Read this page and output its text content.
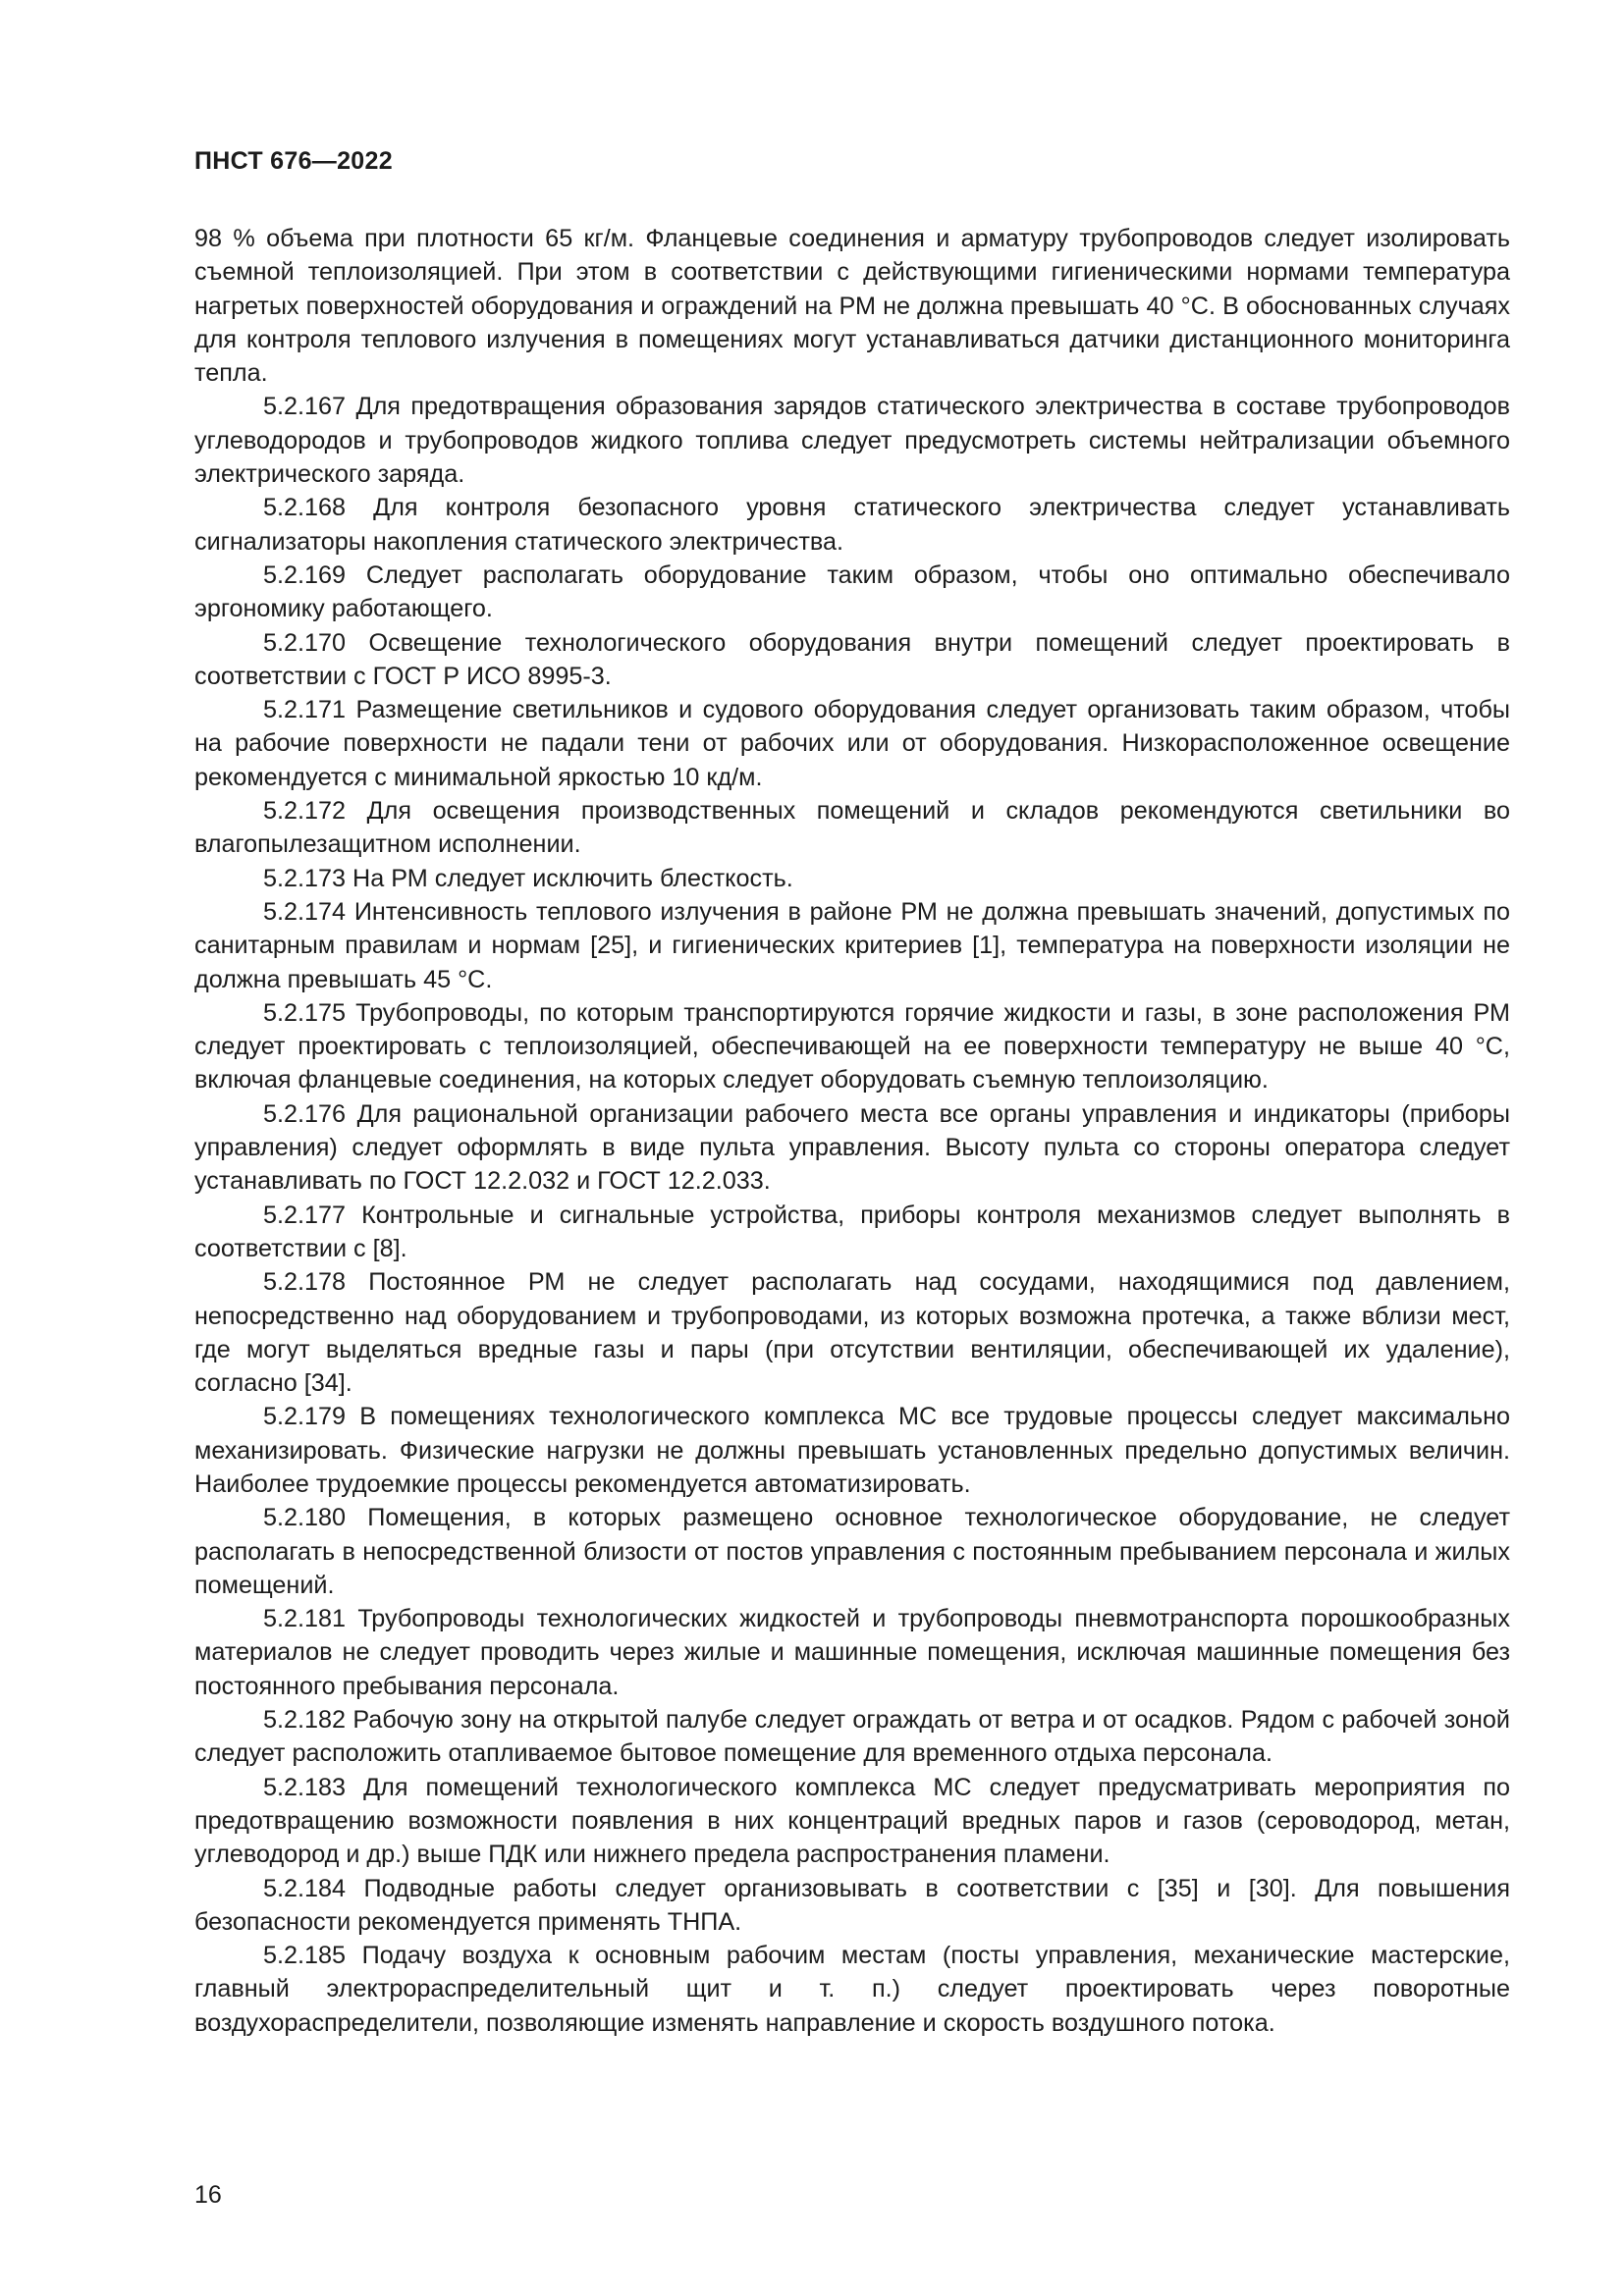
ПНСТ 676—2022

98 % объема при плотности 65 кг/м. Фланцевые соединения и арматуру трубопроводов следует изолировать съемной теплоизоляцией. При этом в соответствии с действующими гигиеническими нормами температура нагретых поверхностей оборудования и ограждений на РМ не должна превышать 40 °С. В обоснованных случаях для контроля теплового излучения в помещениях могут устанавливаться датчики дистанционного мониторинга тепла.

5.2.167 Для предотвращения образования зарядов статического электричества в составе трубопроводов углеводородов и трубопроводов жидкого топлива следует предусмотреть системы нейтрализации объемного электрического заряда.

5.2.168 Для контроля безопасного уровня статического электричества следует устанавливать сигнализаторы накопления статического электричества.

5.2.169 Следует располагать оборудование таким образом, чтобы оно оптимально обеспечивало эргономику работающего.

5.2.170 Освещение технологического оборудования внутри помещений следует проектировать в соответствии с ГОСТ Р ИСО 8995-3.

5.2.171 Размещение светильников и судового оборудования следует организовать таким образом, чтобы на рабочие поверхности не падали тени от рабочих или от оборудования. Низкорасположенное освещение рекомендуется с минимальной яркостью 10 кд/м.

5.2.172 Для освещения производственных помещений и складов рекомендуются светильники во влагопылезащитном исполнении.

5.2.173 На РМ следует исключить блесткость.

5.2.174 Интенсивность теплового излучения в районе РМ не должна превышать значений, допустимых по санитарным правилам и нормам [25], и гигиенических критериев [1], температура на поверхности изоляции не должна превышать 45 °С.

5.2.175 Трубопроводы, по которым транспортируются горячие жидкости и газы, в зоне расположения РМ следует проектировать с теплоизоляцией, обеспечивающей на ее поверхности температуру не выше 40 °С, включая фланцевые соединения, на которых следует оборудовать съемную теплоизоляцию.

5.2.176 Для рациональной организации рабочего места все органы управления и индикаторы (приборы управления) следует оформлять в виде пульта управления. Высоту пульта со стороны оператора следует устанавливать по ГОСТ 12.2.032 и ГОСТ 12.2.033.

5.2.177 Контрольные и сигнальные устройства, приборы контроля механизмов следует выполнять в соответствии с [8].

5.2.178 Постоянное РМ не следует располагать над сосудами, находящимися под давлением, непосредственно над оборудованием и трубопроводами, из которых возможна протечка, а также вблизи мест, где могут выделяться вредные газы и пары (при отсутствии вентиляции, обеспечивающей их удаление), согласно [34].

5.2.179 В помещениях технологического комплекса МС все трудовые процессы следует максимально механизировать. Физические нагрузки не должны превышать установленных предельно допустимых величин. Наиболее трудоемкие процессы рекомендуется автоматизировать.

5.2.180 Помещения, в которых размещено основное технологическое оборудование, не следует располагать в непосредственной близости от постов управления с постоянным пребыванием персонала и жилых помещений.

5.2.181 Трубопроводы технологических жидкостей и трубопроводы пневмотранспорта порошкообразных материалов не следует проводить через жилые и машинные помещения, исключая машинные помещения без постоянного пребывания персонала.

5.2.182 Рабочую зону на открытой палубе следует ограждать от ветра и от осадков. Рядом с рабочей зоной следует расположить отапливаемое бытовое помещение для временного отдыха персонала.

5.2.183 Для помещений технологического комплекса МС следует предусматривать мероприятия по предотвращению возможности появления в них концентраций вредных паров и газов (сероводород, метан, углеводород и др.) выше ПДК или нижнего предела распространения пламени.

5.2.184 Подводные работы следует организовывать в соответствии с [35] и [30]. Для повышения безопасности рекомендуется применять ТНПА.

5.2.185 Подачу воздуха к основным рабочим местам (посты управления, механические мастерские, главный электрораспределительный щит и т. п.) следует проектировать через поворотные воздухораспределители, позволяющие изменять направление и скорость воздушного потока.

16
